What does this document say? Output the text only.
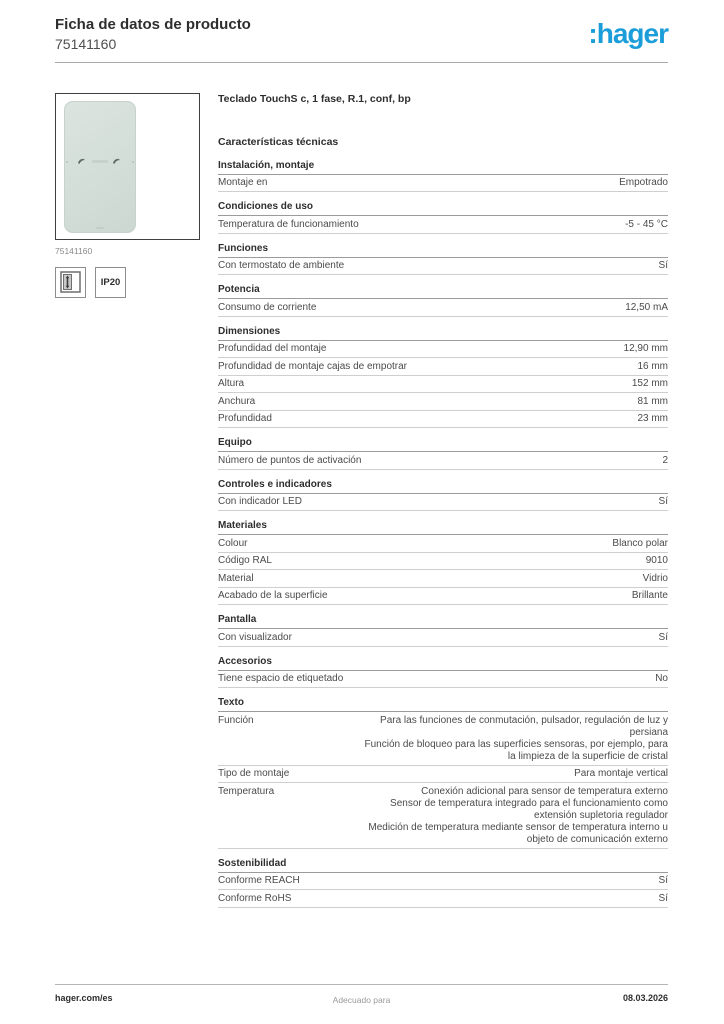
Ficha de datos de producto
75141160	:hager
75141160
IP20
Teclado TouchS c, 1 fase, R.1, conf, bp
Características técnicas
Instalación, montaje
Montaje en	Empotrado
Condiciones de uso
Temperatura de funcionamiento	-5 - 45 °C
Funciones
Con termostato de ambiente	Sí
Potencia
Consumo de corriente	12,50 mA
Dimensiones
Profundidad del montaje	12,90 mm
Profundidad de montaje cajas de empotrar	16 mm
Altura	152 mm
Anchura	81 mm
Profundidad	23 mm
Equipo
Número de puntos de activación	2
Controles e indicadores
Con indicador LED	Sí
Materiales
Colour	Blanco polar
Código RAL	9010
Material	Vidrio
Acabado de la superficie	Brillante
Pantalla
Con visualizador	Sí
Accesorios
Tiene espacio de etiquetado	No
Texto
Función	Para las funciones de conmutación, pulsador, regulación de luz y persiana
Función de bloqueo para las superficies sensoras, por ejemplo, para la limpieza de la superficie de cristal
Tipo de montaje	Para montaje vertical
Temperatura	Conexión adicional para sensor de temperatura externo
Sensor de temperatura integrado para el funcionamiento como extensión supletoria regulador
Medición de temperatura mediante sensor de temperatura interno u objeto de comunicación externo
Sostenibilidad
Conforme REACH	Sí
Conforme RoHS	Sí
hager.com/es	Adecuado para	08.03.2026
